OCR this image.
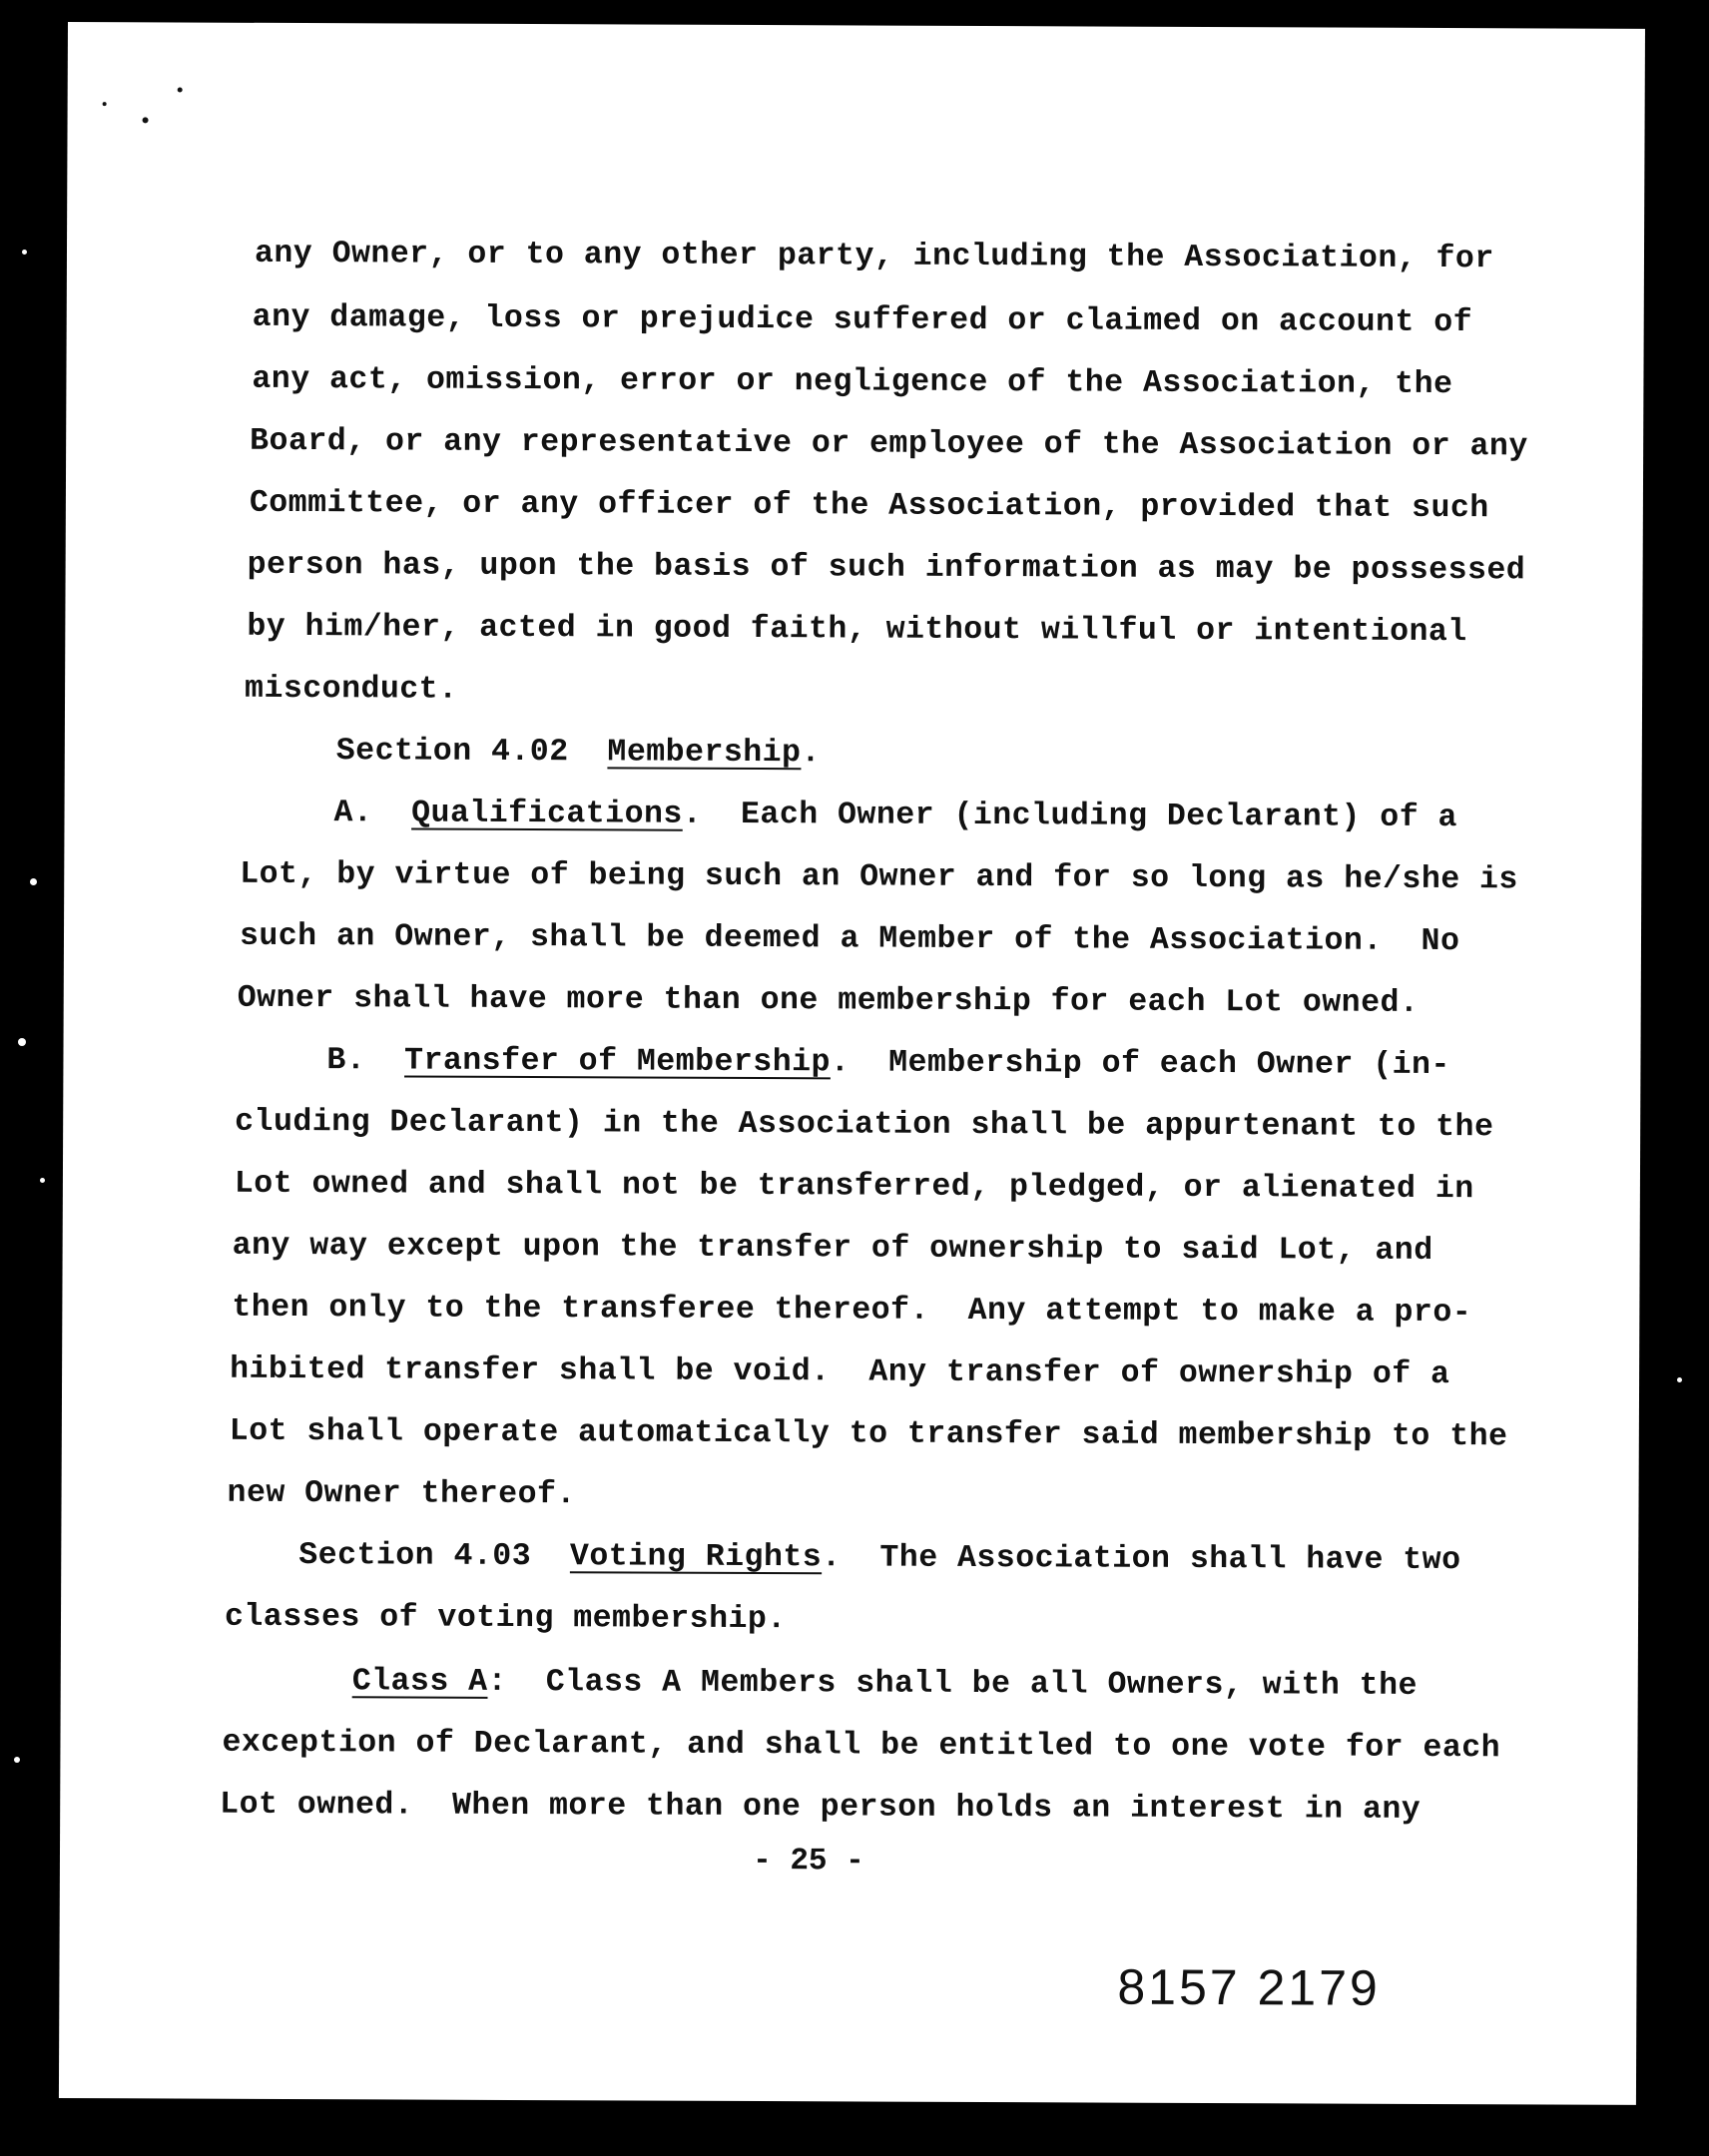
any Owner, or to any other party, including the Association, for
any damage, loss or prejudice suffered or claimed on account of
any act, omission, error or negligence of the Association, the
Board, or any representative or employee of the Association or any
Committee, or any officer of the Association, provided that such
person has, upon the basis of such information as may be possessed
by him/her, acted in good faith, without willful or intentional
misconduct.
Section 4.02 Membership.
A. Qualifications. Each Owner (including Declarant) of a
Lot, by virtue of being such an Owner and for so long as he/she is
such an Owner, shall be deemed a Member of the Association.  No
Owner shall have more than one membership for each Lot owned.
B. Transfer of Membership. Membership of each Owner (in-
cluding Declarant) in the Association shall be appurtenant to the
Lot owned and shall not be transferred, pledged, or alienated in
any way except upon the transfer of ownership to said Lot, and
then only to the transferee thereof.  Any attempt to make a pro-
hibited transfer shall be void.  Any transfer of ownership of a
Lot shall operate automatically to transfer said membership to the
new Owner thereof.
Section 4.03 Voting Rights. The Association shall have two
classes of voting membership.
Class A: Class A Members shall be all Owners, with the
exception of Declarant, and shall be entitled to one vote for each
Lot owned.  When more than one person holds an interest in any
- 25 -
8157 2179
